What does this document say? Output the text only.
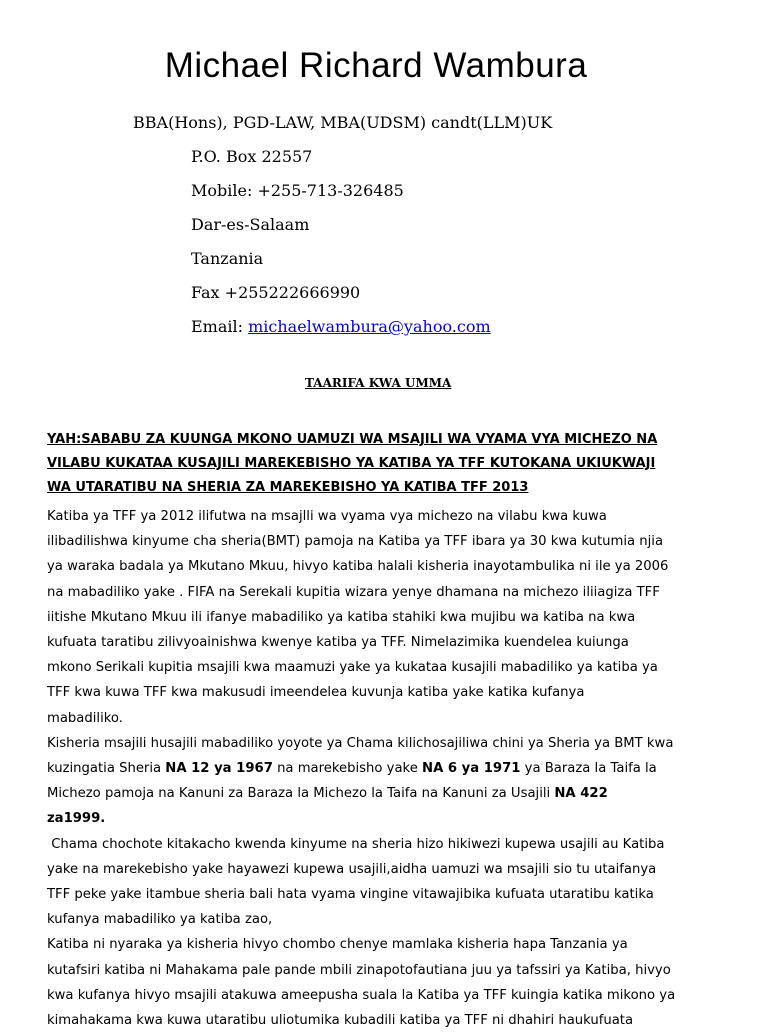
Michael Richard Wambura
BBA(Hons), PGD-LAW, MBA(UDSM) candt(LLM)UK
P.O. Box 22557
Mobile: +255-713-326485
Dar-es-Salaam
Tanzania
Fax +255222666990
Email: michaelwambura@yahoo.com
TAARIFA KWA UMMA
YAH:SABABU ZA KUUNGA MKONO UAMUZI WA MSAJILI WA VYAMA VYA MICHEZO NA
VILABU KUKATAA KUSAJILI MAREKEBISHO YA KATIBA YA TFF KUTOKANA UKIUKWAJI
WA UTARATIBU NA SHERIA ZA MAREKEBISHO YA KATIBA TFF 2013
Katiba ya TFF ya 2012 ilifutwa na msajlli wa vyama vya michezo na vilabu kwa kuwa
ilibadilishwa kinyume cha sheria(BMT) pamoja na Katiba ya TFF ibara ya 30 kwa kutumia njia
ya waraka badala ya Mkutano Mkuu, hivyo katiba halali kisheria inayotambulika ni ile ya 2006
na mabadiliko yake . FIFA na Serekali kupitia wizara yenye dhamana na michezo iliiagiza TFF
iitishe Mkutano Mkuu ili ifanye mabadiliko ya katiba stahiki kwa mujibu wa katiba na kwa
kufuata taratibu zilivyoainishwa kwenye katiba ya TFF. Nimelazimika kuendelea kuiunga
mkono Serikali kupitia msajili kwa maamuzi yake ya kukataa kusajili mabadiliko ya katiba ya
TFF kwa kuwa TFF kwa makusudi imeendelea kuvunja katiba yake katika kufanya
mabadiliko.
Kisheria msajili husajili mabadiliko yoyote ya Chama kilichosajiliwa chini ya Sheria ya BMT kwa
kuzingatia Sheria NA 12 ya 1967 na marekebisho yake NA 6 ya 1971 ya Baraza la Taifa la
Michezo pamoja na Kanuni za Baraza la Michezo la Taifa na Kanuni za Usajili NA 422
za1999.
Chama chochote kitakacho kwenda kinyume na sheria hizo hikiwezi kupewa usajili au Katiba
yake na marekebisho yake hayawezi kupewa usajili,aidha uamuzi wa msajili sio tu utaifanya
TFF peke yake itambue sheria bali hata vyama vingine vitawajibika kufuata utaratibu katika
kufanya mabadiliko ya katiba zao,
Katiba ni nyaraka ya kisheria hivyo chombo chenye mamlaka kisheria hapa Tanzania ya
kutafsiri katiba ni Mahakama pale pande mbili zinapotofautiana juu ya tafssiri ya Katiba, hivyo
kwa kufanya hivyo msajili atakuwa ameepusha suala la Katiba ya TFF kuingia katika mikono ya
kimahakama kwa kuwa utaratibu uliotumika kubadili katiba ya TFF ni dhahiri haukufuata
